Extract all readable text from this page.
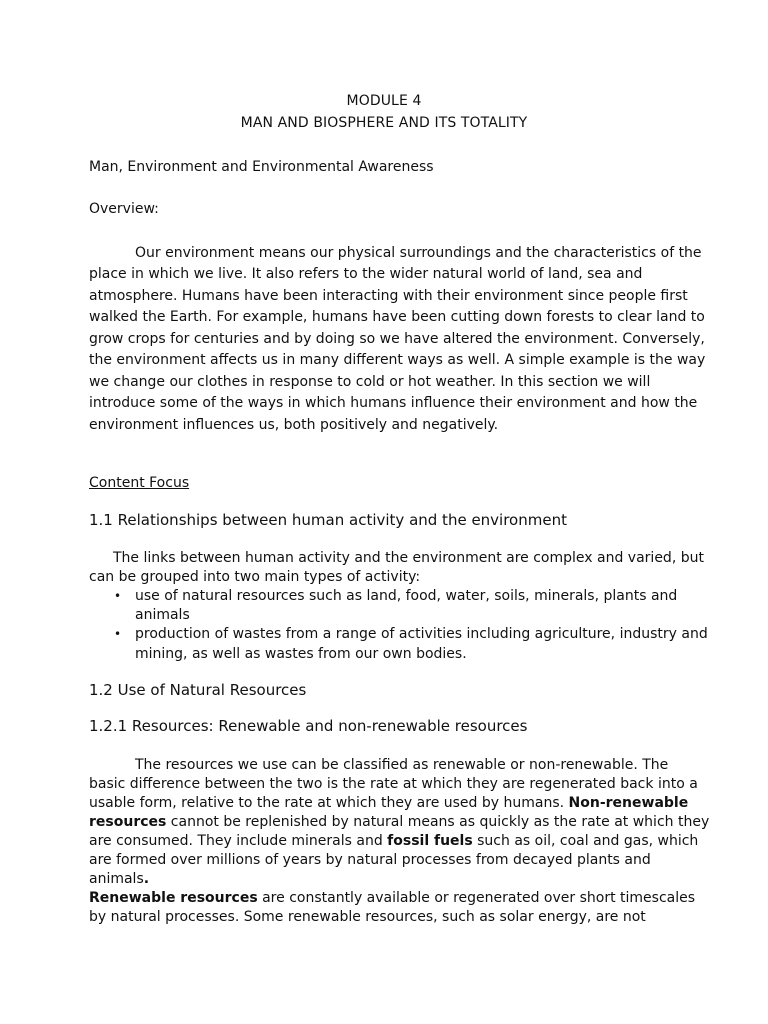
MODULE 4
MAN AND BIOSPHERE AND ITS TOTALITY
Man, Environment and Environmental Awareness
Overview:
Our environment means our physical surroundings and the characteristics of the
place in which we live. It also refers to the wider natural world of land, sea and
atmosphere. Humans have been interacting with their environment since people first
walked the Earth. For example, humans have been cutting down forests to clear land to
grow crops for centuries and by doing so we have altered the environment. Conversely,
the environment affects us in many different ways as well. A simple example is the way
we change our clothes in response to cold or hot weather. In this section we will
introduce some of the ways in which humans influence their environment and how the
environment influences us, both positively and negatively.
Content Focus
1.1 Relationships between human activity and the environment
The links between human activity and the environment are complex and varied, but
can be grouped into two main types of activity:
• use of natural resources such as land, food, water, soils, minerals, plants and
animals
• production of wastes from a range of activities including agriculture, industry and
mining, as well as wastes from our own bodies.
1.2 Use of Natural Resources
1.2.1 Resources: Renewable and non-renewable resources
The resources we use can be classified as renewable or non-renewable. The
basic difference between the two is the rate at which they are regenerated back into a
usable form, relative to the rate at which they are used by humans. Non-renewable
resources cannot be replenished by natural means as quickly as the rate at which they
are consumed. They include minerals and fossil fuels such as oil, coal and gas, which
are formed over millions of years by natural processes from decayed plants and
animals.
Renewable resources are constantly available or regenerated over short timescales
by natural processes. Some renewable resources, such as solar energy, are not
